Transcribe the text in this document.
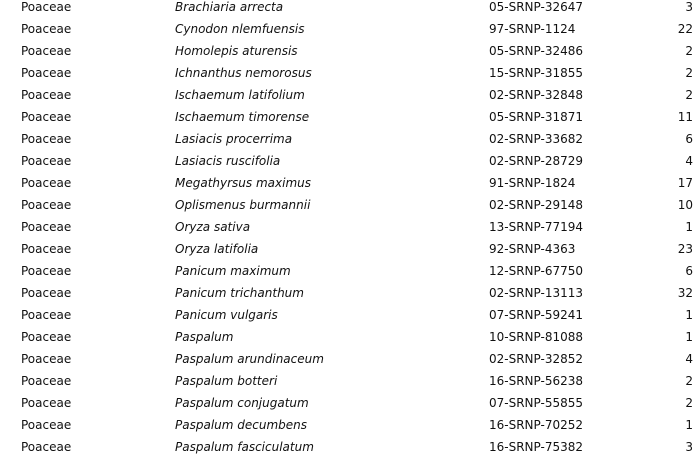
Poaceae	Brachiaria arrecta	05-SRNP-32647	3
Poaceae	Cynodon nlemfuensis	97-SRNP-1124	22
Poaceae	Homolepis aturensis	05-SRNP-32486	2
Poaceae	Ichnanthus nemorosus	15-SRNP-31855	2
Poaceae	Ischaemum latifolium	02-SRNP-32848	2
Poaceae	Ischaemum timorense	05-SRNP-31871	11
Poaceae	Lasiacis procerrima	02-SRNP-33682	6
Poaceae	Lasiacis ruscifolia	02-SRNP-28729	4
Poaceae	Megathyrsus maximus	91-SRNP-1824	17
Poaceae	Oplismenus burmannii	02-SRNP-29148	10
Poaceae	Oryza sativa	13-SRNP-77194	1
Poaceae	Oryza latifolia	92-SRNP-4363	23
Poaceae	Panicum maximum	12-SRNP-67750	6
Poaceae	Panicum trichanthum	02-SRNP-13113	32
Poaceae	Panicum vulgaris	07-SRNP-59241	1
Poaceae	Paspalum	10-SRNP-81088	1
Poaceae	Paspalum arundinaceum	02-SRNP-32852	4
Poaceae	Paspalum botteri	16-SRNP-56238	2
Poaceae	Paspalum conjugatum	07-SRNP-55855	2
Poaceae	Paspalum decumbens	16-SRNP-70252	1
Poaceae	Paspalum fasciculatum	16-SRNP-75382	3
